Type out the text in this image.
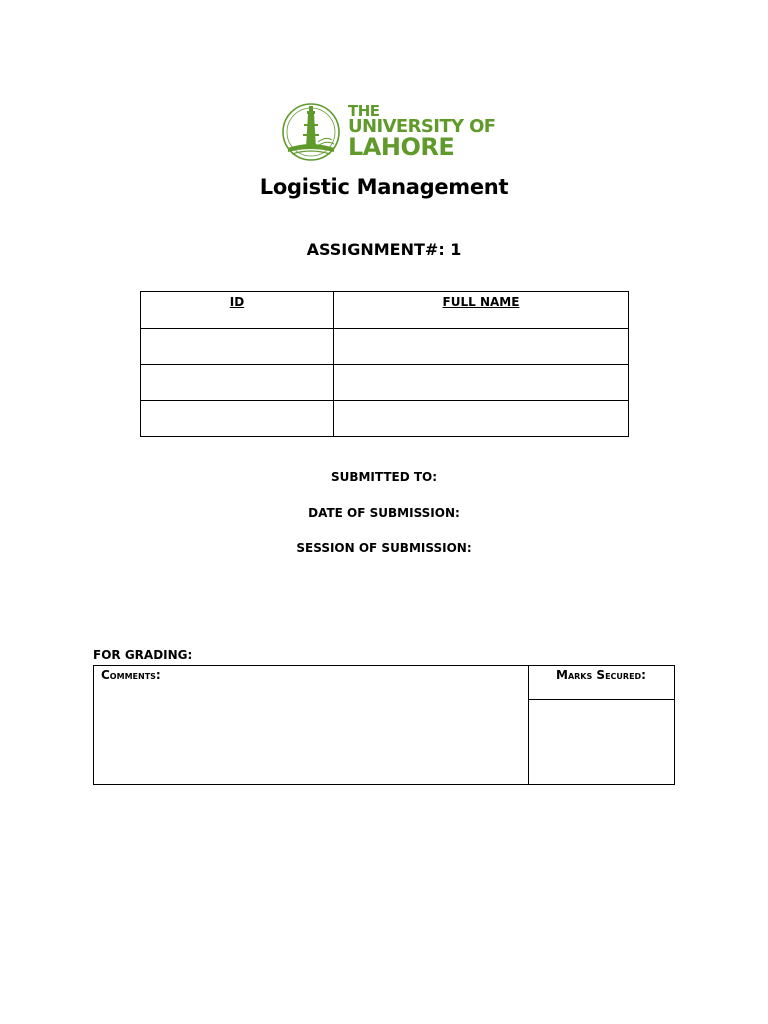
THE
UNIVERSITY OF
LAHORE
Logistic Management
ASSIGNMENT#: 1
ID	FULL NAME

SUBMITTED TO:
DATE OF SUBMISSION:
SESSION OF SUBMISSION:
FOR GRADING:
Comments:	Marks Secured:
